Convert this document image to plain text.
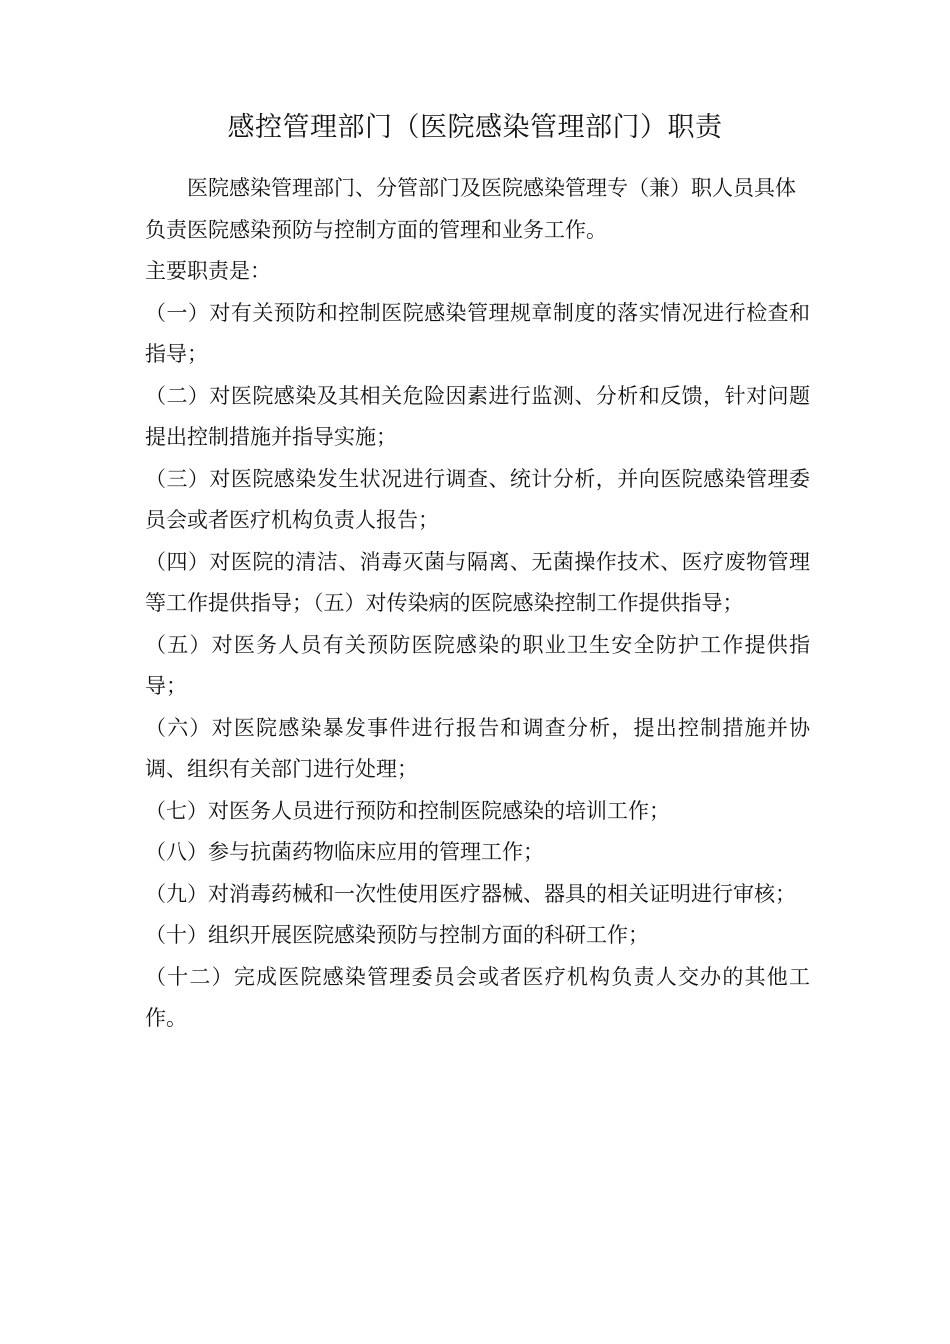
感控管理部门（医院感染管理部门）职责

医院感染管理部门、分管部门及医院感染管理专（兼）职人员具体负责医院感染预防与控制方面的管理和业务工作。

主要职责是：

（一）对有关预防和控制医院感染管理规章制度的落实情况进行检查和指导；

（二）对医院感染及其相关危险因素进行监测、分析和反馈，针对问题提出控制措施并指导实施；

（三）对医院感染发生状况进行调查、统计分析，并向医院感染管理委员会或者医疗机构负责人报告；

（四）对医院的清洁、消毒灭菌与隔离、无菌操作技术、医疗废物管理等工作提供指导；（五）对传染病的医院感染控制工作提供指导；

（五）对医务人员有关预防医院感染的职业卫生安全防护工作提供指导；

（六）对医院感染暴发事件进行报告和调查分析，提出控制措施并协调、组织有关部门进行处理；

（七）对医务人员进行预防和控制医院感染的培训工作；

（八）参与抗菌药物临床应用的管理工作；

（九）对消毒药械和一次性使用医疗器械、器具的相关证明进行审核；

（十）组织开展医院感染预防与控制方面的科研工作；

（十二）完成医院感染管理委员会或者医疗机构负责人交办的其他工作。
